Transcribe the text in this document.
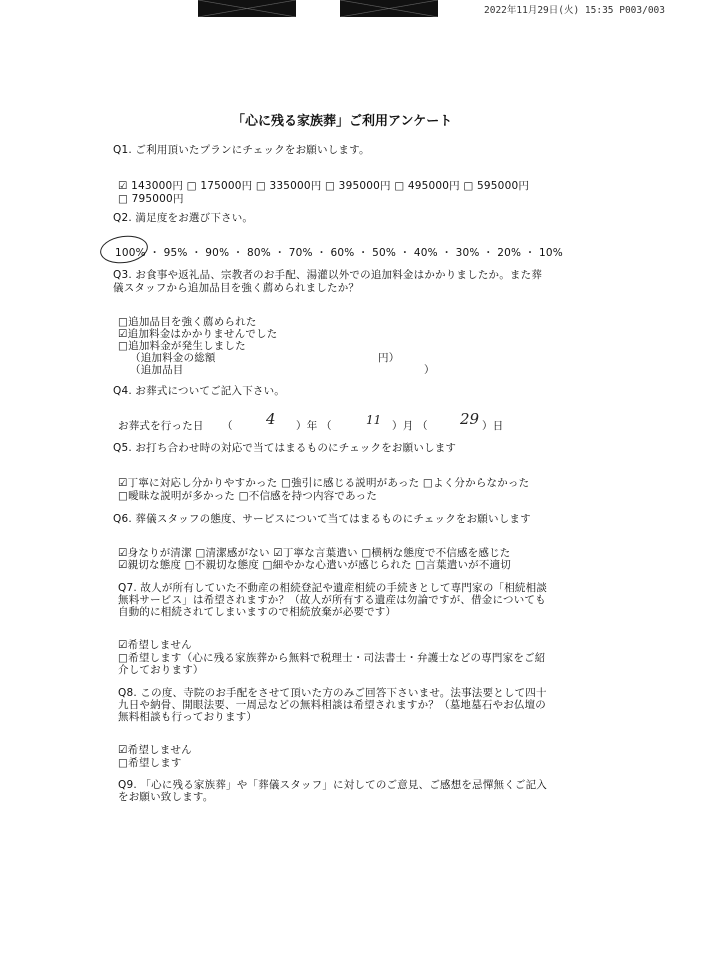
2022年11月29日(火) 15:35 P003/003
「心に残る家族葬」ご利用アンケート
Q1. ご利用頂いたプランにチェックをお願いします。
☑ 143000円 □ 175000円 □ 335000円 □ 395000円 □ 495000円 □ 595000円
□ 795000円
Q2. 満足度をお選び下さい。
100% ・ 95% ・ 90% ・ 80% ・ 70% ・ 60% ・ 50% ・ 40% ・ 30% ・ 20% ・ 10%
Q3. お食事や返礼品、宗教者のお手配、湯灌以外での追加料金はかかりましたか。また葬
儀スタッフから追加品目を強く薦められましたか？
□追加品目を強く薦められた
☑追加料金はかかりませんでした
□追加料金が発生しました
（追加料金の総額	円）
（追加品目	）
Q4. お葬式についてご記入下さい。
お葬式を行った日 （ 4 ）年 （	11 ）月 （ 29 ）日
Q5. お打ち合わせ時の対応で当てはまるものにチェックをお願いします
☑丁寧に対応し分かりやすかった □強引に感じる説明があった □よく分からなかった
□曖昧な説明が多かった □不信感を持つ内容であった
Q6. 葬儀スタッフの態度、サービスについて当てはまるものにチェックをお願いします
☑身なりが清潔 □清潔感がない ☑丁寧な言葉遣い □横柄な態度で不信感を感じた
☑親切な態度 □不親切な態度 □細やかな心遣いが感じられた □言葉遣いが不適切
Q7. 故人が所有していた不動産の相続登記や遺産相続の手続きとして専門家の「相続相談
無料サービス」は希望されますか？（故人が所有する遺産は勿論ですが、借金についても
自動的に相続されてしまいますので相続放棄が必要です）
☑希望しません
□希望します（心に残る家族葬から無料で税理士・司法書士・弁護士などの専門家をご紹
介しております）
Q8. この度、寺院のお手配をさせて頂いた方のみご回答下さいませ。法事法要として四十
九日や納骨、開眼法要、一周忌などの無料相談は希望されますか？（墓地墓石やお仏壇の
無料相談も行っております）
☑希望しません
□希望します
Q9. 「心に残る家族葬」や「葬儀スタッフ」に対してのご意見、ご感想を忌憚無くご記入
をお願い致します。
